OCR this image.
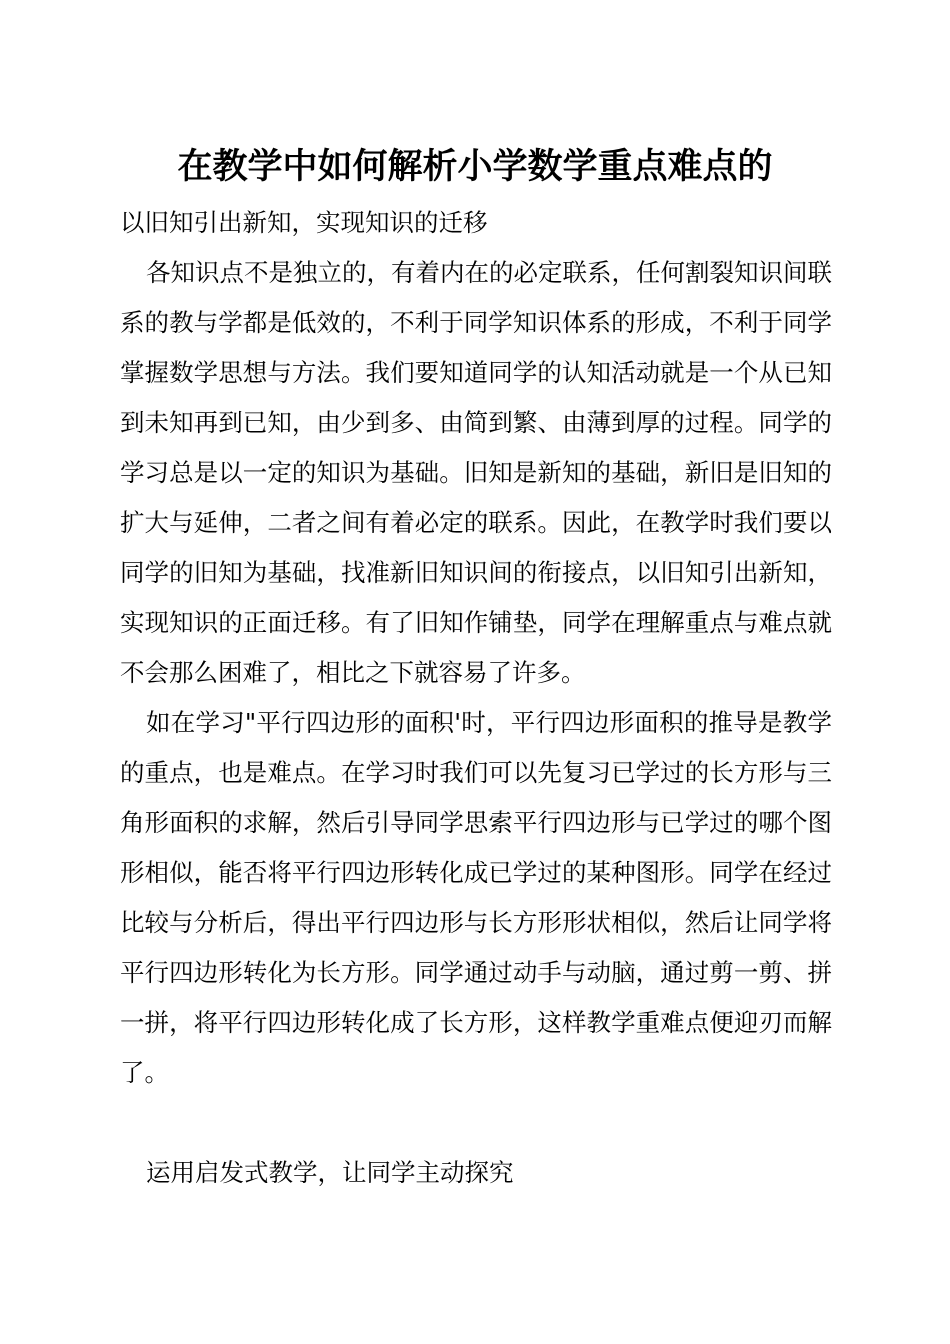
在教学中如何解析小学数学重点难点的

以旧知引出新知，实现知识的迁移

各知识点不是独立的，有着内在的必定联系，任何割裂知识间联系的教与学都是低效的，不利于同学知识体系的形成，不利于同学掌握数学思想与方法。我们要知道同学的认知活动就是一个从已知到未知再到已知，由少到多、由简到繁、由薄到厚的过程。同学的学习总是以一定的知识为基础。旧知是新知的基础，新旧是旧知的扩大与延伸，二者之间有着必定的联系。因此，在教学时我们要以同学的旧知为基础，找准新旧知识间的衔接点，以旧知引出新知，实现知识的正面迁移。有了旧知作铺垫，同学在理解重点与难点就不会那么困难了，相比之下就容易了许多。

如在学习"平行四边形的面积'时，平行四边形面积的推导是教学的重点，也是难点。在学习时我们可以先复习已学过的长方形与三角形面积的求解，然后引导同学思索平行四边形与已学过的哪个图形相似，能否将平行四边形转化成已学过的某种图形。同学在经过比较与分析后，得出平行四边形与长方形形状相似，然后让同学将平行四边形转化为长方形。同学通过动手与动脑，通过剪一剪、拼一拼，将平行四边形转化成了长方形，这样教学重难点便迎刃而解了。

运用启发式教学，让同学主动探究
